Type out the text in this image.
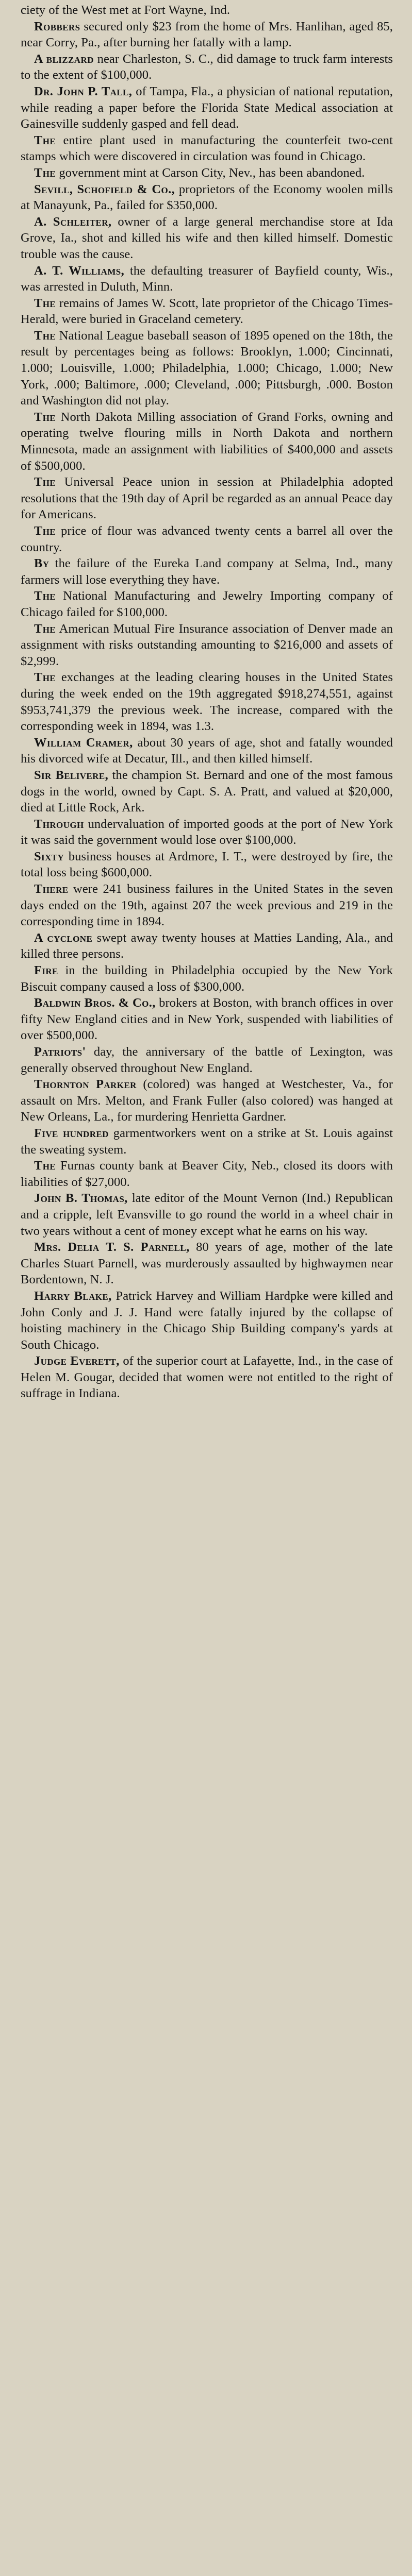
ciety of the West met at Fort Wayne, Ind.

Robbers secured only $23 from the home of Mrs. Hanlihan, aged 85, near Corry, Pa., after burning her fatally with a lamp.

A blizzard near Charleston, S. C., did damage to truck farm interests to the extent of $100,000.

Dr. John P. Tall, of Tampa, Fla., a physician of national reputation, while reading a paper before the Florida State Medical association at Gainesville suddenly gasped and fell dead.

The entire plant used in manufacturing the counterfeit two-cent stamps which were discovered in circulation was found in Chicago.

The government mint at Carson City, Nev., has been abandoned.

Sevill, Schofield & Co., proprietors of the Economy woolen mills at Manayunk, Pa., failed for $350,000.

A. Schleiter, owner of a large general merchandise store at Ida Grove, Ia., shot and killed his wife and then killed himself. Domestic trouble was the cause.

A. T. Williams, the defaulting treasurer of Bayfield county, Wis., was arrested in Duluth, Minn.

The remains of James W. Scott, late proprietor of the Chicago Times-Herald, were buried in Graceland cemetery.

The National League baseball season of 1895 opened on the 18th, the result by percentages being as follows: Brooklyn, 1.000; Cincinnati, 1.000; Louisville, 1.000; Philadelphia, 1.000; Chicago, 1.000; New York, .000; Baltimore, .000; Cleveland, .000; Pittsburgh, .000. Boston and Washington did not play.

The North Dakota Milling association of Grand Forks, owning and operating twelve flouring mills in North Dakota and northern Minnesota, made an assignment with liabilities of $400,000 and assets of $500,000.

The Universal Peace union in session at Philadelphia adopted resolutions that the 19th day of April be regarded as an annual Peace day for Americans.

The price of flour was advanced twenty cents a barrel all over the country.

By the failure of the Eureka Land company at Selma, Ind., many farmers will lose everything they have.

The National Manufacturing and Jewelry Importing company of Chicago failed for $100,000.

The American Mutual Fire Insurance association of Denver made an assignment with risks outstanding amounting to $216,000 and assets of $2,999.

The exchanges at the leading clearing houses in the United States during the week ended on the 19th aggregated $918,274,551, against $953,741,379 the previous week. The increase, compared with the corresponding week in 1894, was 1.3.

William Cramer, about 30 years of age, shot and fatally wounded his divorced wife at Decatur, Ill., and then killed himself.

Sir Belivere, the champion St. Bernard and one of the most famous dogs in the world, owned by Capt. S. A. Pratt, and valued at $20,000, died at Little Rock, Ark.

Through undervaluation of imported goods at the port of New York it was said the government would lose over $100,000.

Sixty business houses at Ardmore, I. T., were destroyed by fire, the total loss being $600,000.

There were 241 business failures in the United States in the seven days ended on the 19th, against 207 the week previous and 219 in the corresponding time in 1894.

A cyclone swept away twenty houses at Matties Landing, Ala., and killed three persons.

Fire in the building in Philadelphia occupied by the New York Biscuit company caused a loss of $300,000.

Baldwin Bros. & Co., brokers at Boston, with branch offices in over fifty New England cities and in New York, suspended with liabilities of over $500,000.

Patriots' day, the anniversary of the battle of Lexington, was generally observed throughout New England.

Thornton Parker (colored) was hanged at Westchester, Va., for assault on Mrs. Melton, and Frank Fuller (also colored) was hanged at New Orleans, La., for murdering Henrietta Gardner.

Five hundred garmentworkers went on a strike at St. Louis against the sweating system.

The Furnas county bank at Beaver City, Neb., closed its doors with liabilities of $27,000.

John B. Thomas, late editor of the Mount Vernon (Ind.) Republican and a cripple, left Evansville to go round the world in a wheel chair in two years without a cent of money except what he earns on his way.

Mrs. Delia T. S. Parnell, 80 years of age, mother of the late Charles Stuart Parnell, was murderously assaulted by highwaymen near Bordentown, N. J.

Harry Blake, Patrick Harvey and William Hardpke were killed and John Conly and J. J. Hand were fatally injured by the collapse of hoisting machinery in the Chicago Ship Building company's yards at South Chicago.

Judge Everett, of the superior court at Lafayette, Ind., in the case of Helen M. Gougar, decided that women were not entitled to the right of suffrage in Indiana.
